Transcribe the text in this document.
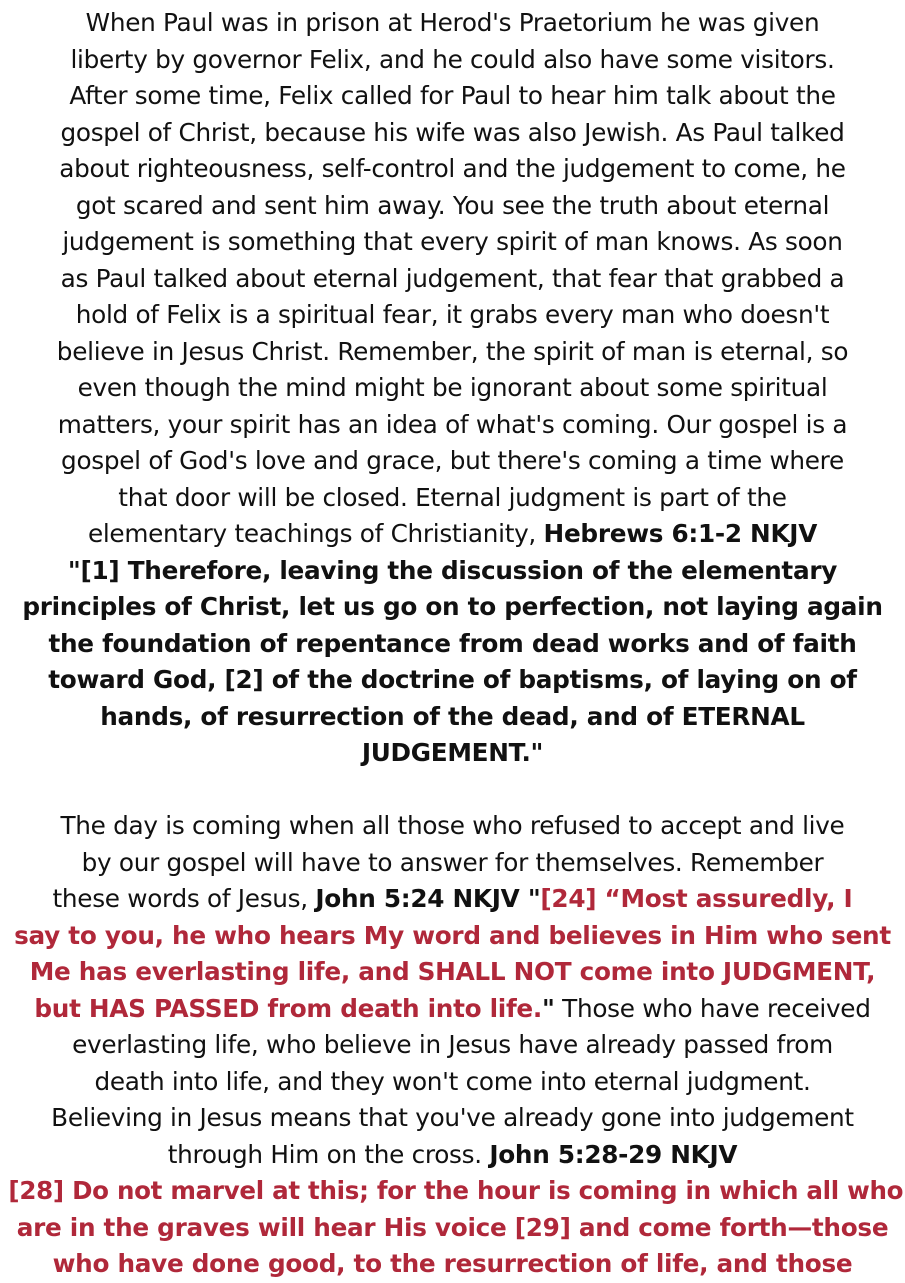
When Paul was in prison at Herod's Praetorium he was given
liberty by governor Felix, and he could also have some visitors.
After some time, Felix called for Paul to hear him talk about the
gospel of Christ, because his wife was also Jewish. As Paul talked
about righteousness, self-control and the judgement to come, he
got scared and sent him away. You see the truth about eternal
judgement is something that every spirit of man knows. As soon
as Paul talked about eternal judgement, that fear that grabbed a
hold of Felix is a spiritual fear, it grabs every man who doesn't
believe in Jesus Christ. Remember, the spirit of man is eternal, so
even though the mind might be ignorant about some spiritual
matters, your spirit has an idea of what's coming. Our gospel is a
gospel of God's love and grace, but there's coming a time where
that door will be closed. Eternal judgment is part of the
elementary teachings of Christianity, Hebrews 6:1-2 NKJV
"[1] Therefore, leaving the discussion of the elementary
principles of Christ, let us go on to perfection, not laying again
the foundation of repentance from dead works and of faith
toward God, [2] of the doctrine of baptisms, of laying on of
hands, of resurrection of the dead, and of ETERNAL
JUDGEMENT."
The day is coming when all those who refused to accept and live
by our gospel will have to answer for themselves. Remember
these words of Jesus, John 5:24 NKJV "[24] “Most assuredly, I
say to you, he who hears My word and believes in Him who sent
Me has everlasting life, and SHALL NOT come into JUDGMENT,
but HAS PASSED from death into life." Those who have received
everlasting life, who believe in Jesus have already passed from
death into life, and they won't come into eternal judgment.
Believing in Jesus means that you've already gone into judgement
through Him on the cross. John 5:28-29 NKJV
[28] Do not marvel at this; for the hour is coming in which all who
are in the graves will hear His voice [29] and come forth—those
who have done good, to the resurrection of life, and those
